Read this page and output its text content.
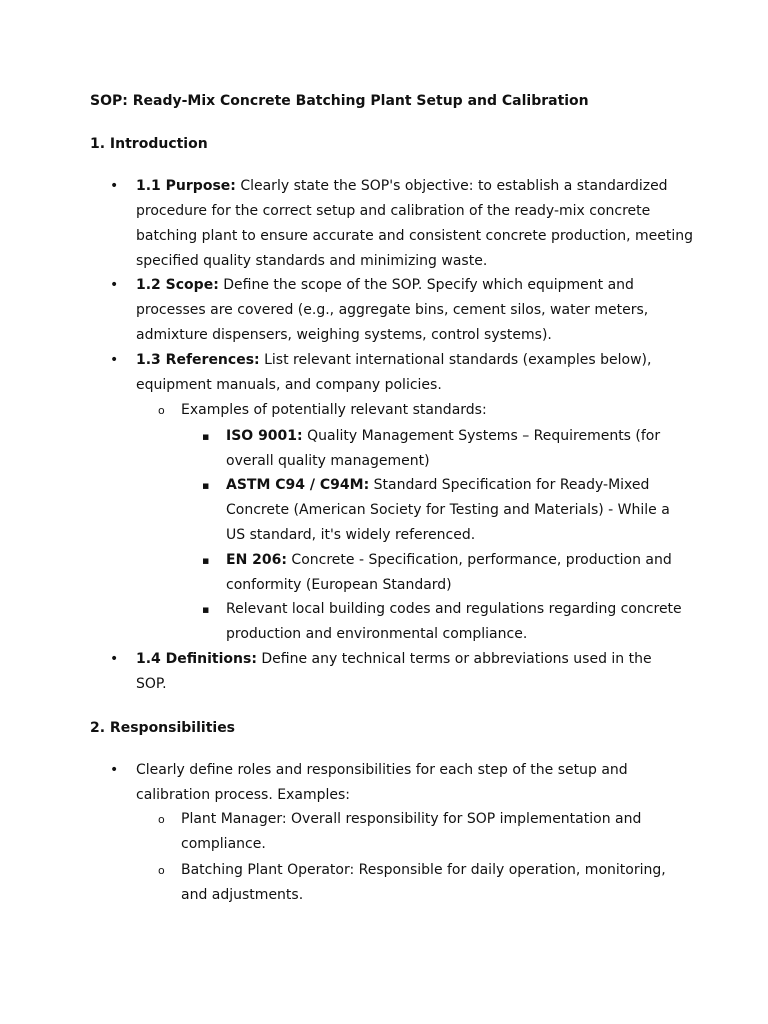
SOP: Ready-Mix Concrete Batching Plant Setup and Calibration
1. Introduction
• 1.1 Purpose: Clearly state the SOP's objective: to establish a standardized procedure for the correct setup and calibration of the ready-mix concrete batching plant to ensure accurate and consistent concrete production, meeting specified quality standards and minimizing waste.
• 1.2 Scope: Define the scope of the SOP. Specify which equipment and processes are covered (e.g., aggregate bins, cement silos, water meters, admixture dispensers, weighing systems, control systems).
• 1.3 References: List relevant international standards (examples below), equipment manuals, and company policies.
o Examples of potentially relevant standards:
▪ ISO 9001: Quality Management Systems – Requirements (for overall quality management)
▪ ASTM C94 / C94M: Standard Specification for Ready-Mixed Concrete (American Society for Testing and Materials) - While a US standard, it's widely referenced.
▪ EN 206: Concrete - Specification, performance, production and conformity (European Standard)
▪ Relevant local building codes and regulations regarding concrete production and environmental compliance.
• 1.4 Definitions: Define any technical terms or abbreviations used in the SOP.
2. Responsibilities
• Clearly define roles and responsibilities for each step of the setup and calibration process. Examples:
o Plant Manager: Overall responsibility for SOP implementation and compliance.
o Batching Plant Operator: Responsible for daily operation, monitoring, and adjustments.
